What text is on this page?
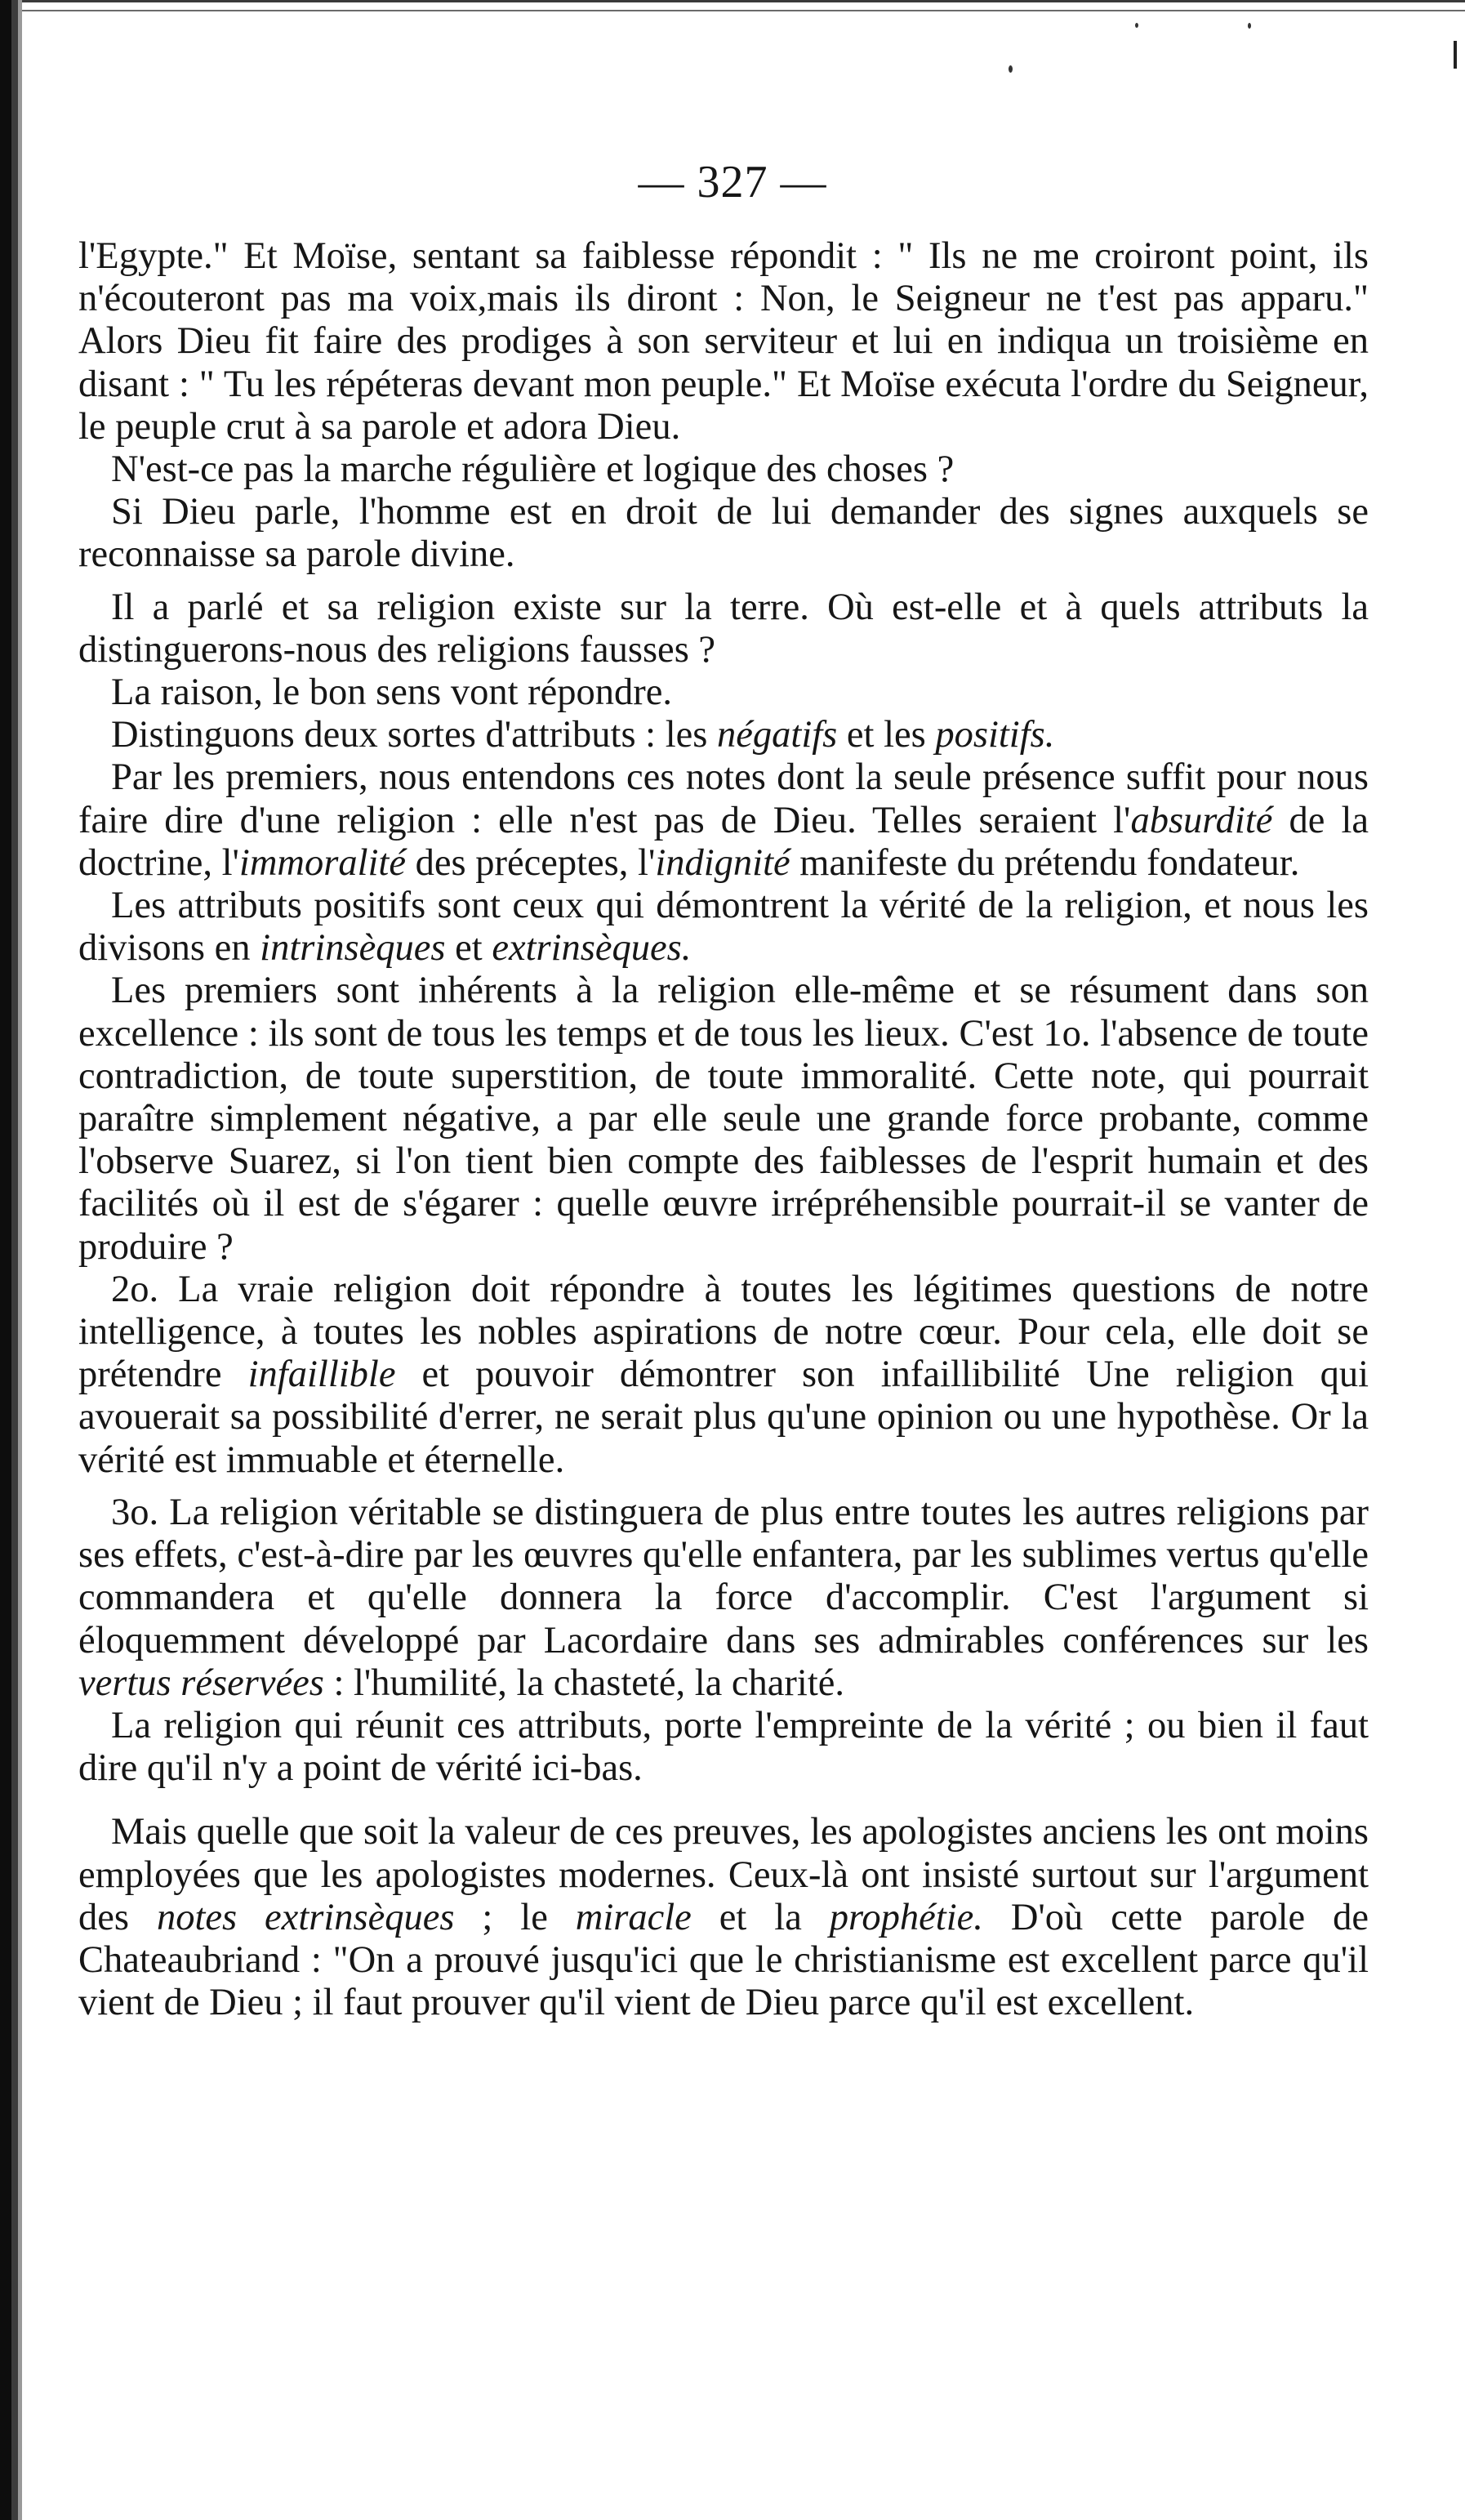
— 327 —

l'Egypte." Et Moïse, sentant sa faiblesse répondit : " Ils ne me croiront point, ils n'écouteront pas ma voix,mais ils diront : Non, le Seigneur ne t'est pas apparu." Alors Dieu fit faire des prodiges à son serviteur et lui en indiqua un troisième en disant : " Tu les répéteras devant mon peuple." Et Moïse exécuta l'ordre du Seigneur, le peuple crut à sa parole et adora Dieu.

N'est-ce pas la marche régulière et logique des choses ?

Si Dieu parle, l'homme est en droit de lui demander des signes auxquels se reconnaisse sa parole divine.

Il a parlé et sa religion existe sur la terre. Où est-elle et à quels attributs la distinguerons-nous des religions fausses ?

La raison, le bon sens vont répondre.

Distinguons deux sortes d'attributs : les négatifs et les positifs.

Par les premiers, nous entendons ces notes dont la seule présence suffit pour nous faire dire d'une religion : elle n'est pas de Dieu. Telles seraient l'absurdité de la doctrine, l'immoralité des préceptes, l'indignité manifeste du prétendu fondateur.

Les attributs positifs sont ceux qui démontrent la vérité de la religion, et nous les divisons en intrinsèques et extrinsèques.

Les premiers sont inhérents à la religion elle-même et se résument dans son excellence : ils sont de tous les temps et de tous les lieux. C'est 1o. l'absence de toute contradiction, de toute superstition, de toute immoralité. Cette note, qui pourrait paraître simplement négative, a par elle seule une grande force probante, comme l'observe Suarez, si l'on tient bien compte des faiblesses de l'esprit humain et des facilités où il est de s'égarer : quelle œuvre irrépréhensible pourrait-il se vanter de produire ?

2o. La vraie religion doit répondre à toutes les légitimes questions de notre intelligence, à toutes les nobles aspirations de notre cœur. Pour cela, elle doit se prétendre infaillible et pouvoir démontrer son infaillibilité Une religion qui avouerait sa possibilité d'errer, ne serait plus qu'une opinion ou une hypothèse. Or la vérité est immuable et éternelle.

3o. La religion véritable se distinguera de plus entre toutes les autres religions par ses effets, c'est-à-dire par les œuvres qu'elle enfantera, par les sublimes vertus qu'elle commandera et qu'elle donnera la force d'accomplir. C'est l'argument si éloquemment développé par Lacordaire dans ses admirables conférences sur les vertus réservées : l'humilité, la chasteté, la charité.

La religion qui réunit ces attributs, porte l'empreinte de la vérité ; ou bien il faut dire qu'il n'y a point de vérité ici-bas.

Mais quelle que soit la valeur de ces preuves, les apologistes anciens les ont moins employées que les apologistes modernes. Ceux-là ont insisté surtout sur l'argument des notes extrinsèques ; le miracle et la prophétie. D'où cette parole de Chateaubriand : "On a prouvé jusqu'ici que le christianisme est excellent parce qu'il vient de Dieu ; il faut prouver qu'il vient de Dieu parce qu'il est excellent.
